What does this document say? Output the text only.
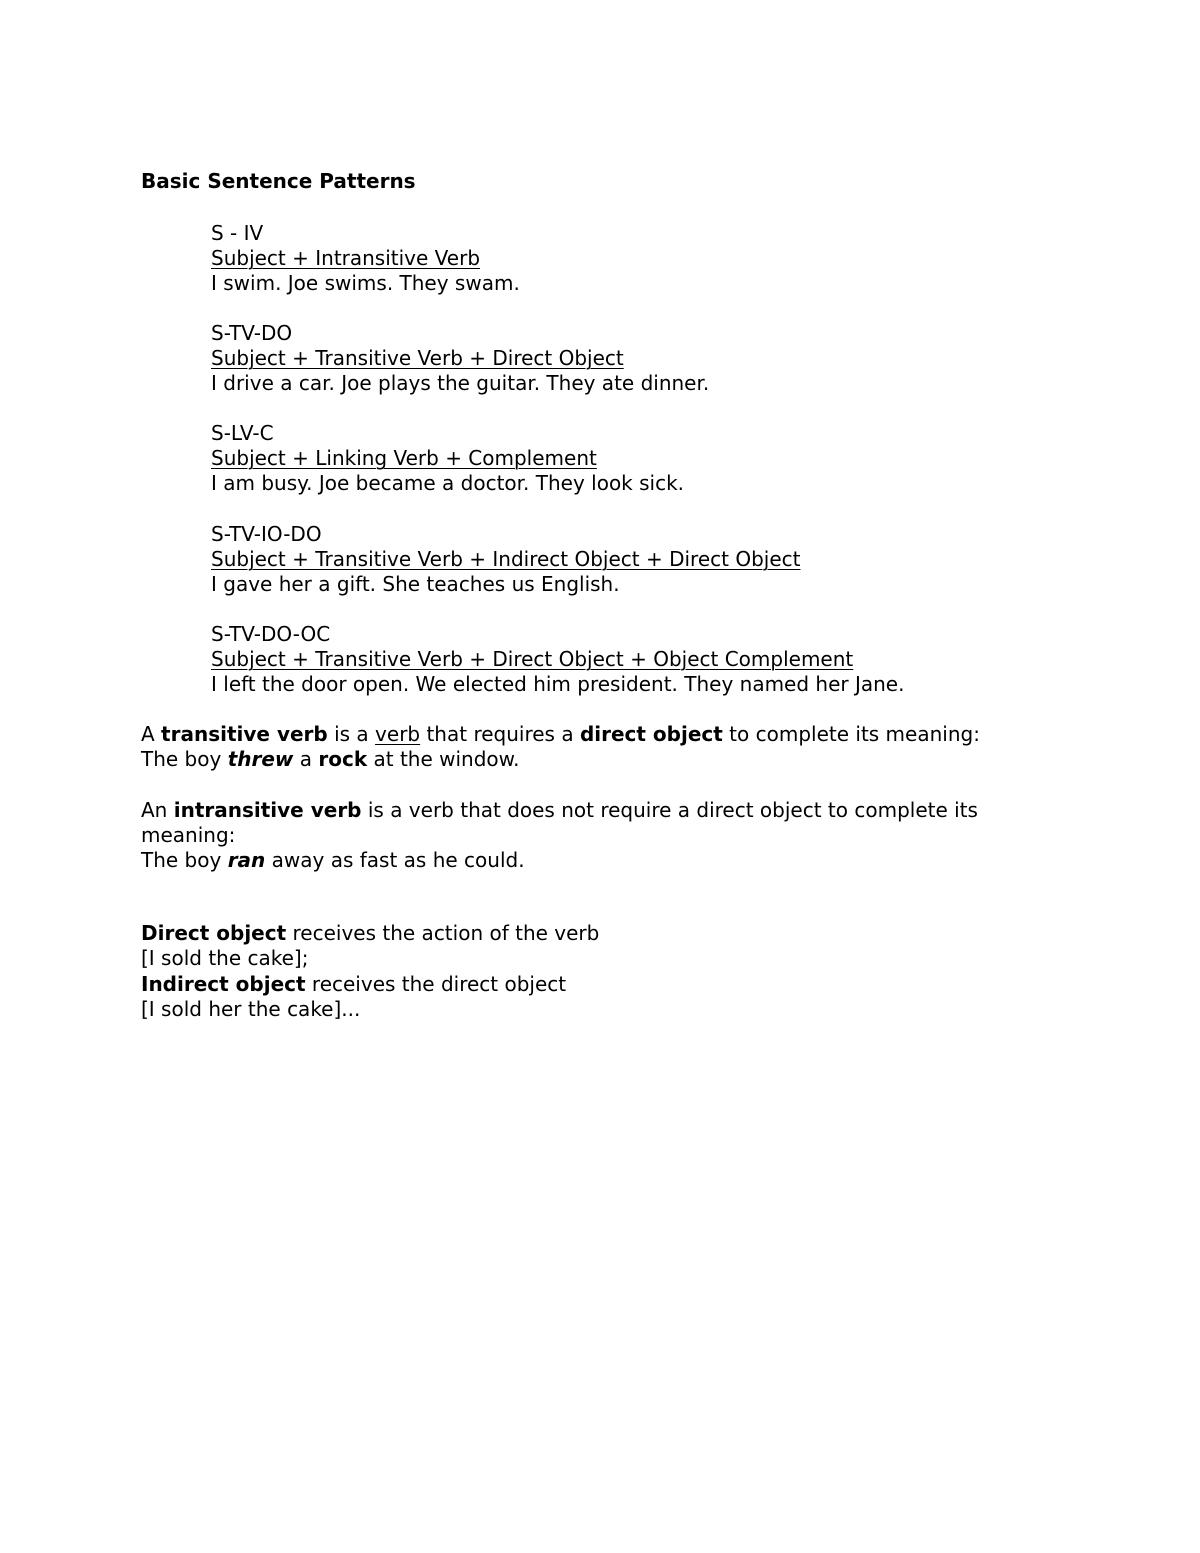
Basic Sentence Patterns
S - IV
Subject + Intransitive Verb
I swim. Joe swims. They swam.
S-TV-DO
Subject + Transitive Verb + Direct Object
I drive a car. Joe plays the guitar. They ate dinner.
S-LV-C
Subject + Linking Verb + Complement
I am busy. Joe became a doctor. They look sick.
S-TV-IO-DO
Subject + Transitive Verb + Indirect Object + Direct Object
I gave her a gift. She teaches us English.
S-TV-DO-OC
Subject + Transitive Verb + Direct Object + Object Complement
I left the door open. We elected him president. They named her Jane.
A transitive verb is a verb that requires a direct object to complete its meaning:
The boy threw a rock at the window.
An intransitive verb is a verb that does not require a direct object to complete its
meaning:
The boy ran away as fast as he could.
Direct object receives the action of the verb
[I sold the cake];
Indirect object receives the direct object
[I sold her the cake]...
